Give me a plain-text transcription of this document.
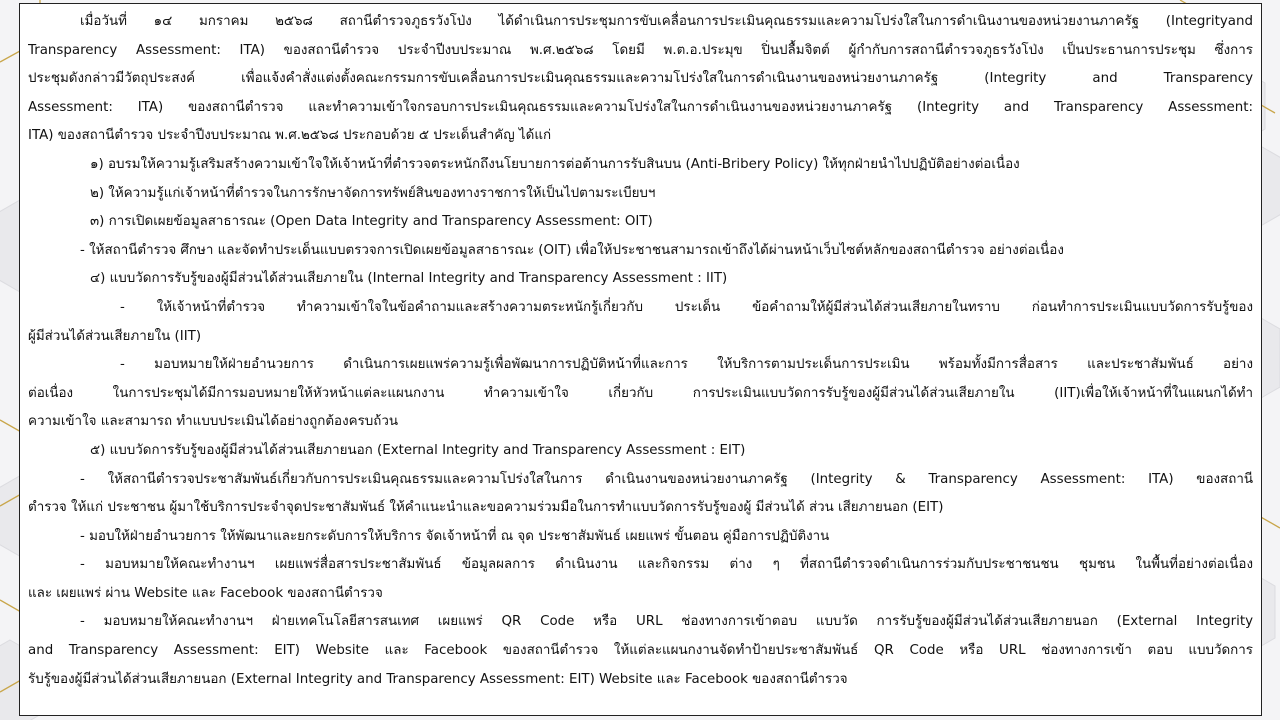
เมื่อวันที่ ๑๔ มกราคม ๒๕๖๘ สถานีตำรวจภูธรวังโป่ง ได้ดำเนินการประชุมการขับเคลื่อนการประเมินคุณธรรมและความโปร่งใสในการดำเนินงานของหน่วยงานภาครัฐ (Integrityand
Transparency Assessment: ITA) ของสถานีตำรวจ ประจำปีงบประมาณ พ.ศ.๒๕๖๘ โดยมี พ.ต.อ.ประมุข ปิ่นปลื้มจิตต์ ผู้กำกับการสถานีตำรวจภูธรวังโป่ง เป็นประธานการประชุม ซึ่งการ
ประชุมดังกล่าวมีวัตถุประสงค์ เพื่อแจ้งคำสั่งแต่งตั้งคณะกรรมการขับเคลื่อนการประเมินคุณธรรมและความโปร่งใสในการดำเนินงานของหน่วยงานภาครัฐ (Integrity and Transparency
Assessment: ITA) ของสถานีตำรวจ และทำความเข้าใจกรอบการประเมินคุณธรรมและความโปร่งใสในการดำเนินงานของหน่วยงานภาครัฐ (Integrity and Transparency Assessment:
ITA) ของสถานีตำรวจ ประจำปีงบประมาณ พ.ศ.๒๕๖๘ ประกอบด้วย ๕ ประเด็นสำคัญ ได้แก่
๑) อบรมให้ความรู้เสริมสร้างความเข้าใจให้เจ้าหน้าที่ตำรวจตระหนักถึงนโยบายการต่อต้านการรับสินบน (Anti-Bribery Policy) ให้ทุกฝ่ายนำไปปฏิบัติอย่างต่อเนื่อง
๒) ให้ความรู้แก่เจ้าหน้าที่ตำรวจในการรักษาจัดการทรัพย์สินของทางราชการให้เป็นไปตามระเบียบฯ
๓) การเปิดเผยข้อมูลสาธารณะ (Open Data Integrity and Transparency Assessment: OIT)
- ให้สถานีตำรวจ ศึกษา และจัดทำประเด็นแบบตรวจการเปิดเผยข้อมูลสาธารณะ (OIT) เพื่อให้ประชาชนสามารถเข้าถึงได้ผ่านหน้าเว็บไซต์หลักของสถานีตำรวจ อย่างต่อเนื่อง
๔) แบบวัดการรับรู้ของผู้มีส่วนได้ส่วนเสียภายใน (Internal Integrity and Transparency Assessment : IIT)
- ให้เจ้าหน้าที่ตำรวจ ทำความเข้าใจในข้อคำถามและสร้างความตระหนักรู้เกี่ยวกับ ประเด็น ข้อคำถามให้ผู้มีส่วนได้ส่วนเสียภายในทราบ ก่อนทำการประเมินแบบวัดการรับรู้ของ
ผู้มีส่วนได้ส่วนเสียภายใน (IIT)
- มอบหมายให้ฝ่ายอำนวยการ ดำเนินการเผยแพร่ความรู้เพื่อพัฒนาการปฏิบัติหน้าที่และการ ให้บริการตามประเด็นการประเมิน พร้อมทั้งมีการสื่อสาร และประชาสัมพันธ์ อย่าง
ต่อเนื่อง ในการประชุมได้มีการมอบหมายให้หัวหน้าแต่ละแผนกงาน ทำความเข้าใจ เกี่ยวกับ การประเมินแบบวัดการรับรู้ของผู้มีส่วนได้ส่วนเสียภายใน (IIT)เพื่อให้เจ้าหน้าที่ในแผนกได้ทำ
ความเข้าใจ และสามารถ ทำแบบประเมินได้อย่างถูกต้องครบถ้วน
๕) แบบวัดการรับรู้ของผู้มีส่วนได้ส่วนเสียภายนอก (External Integrity and Transparency Assessment : EIT)
- ให้สถานีตำรวจประชาสัมพันธ์เกี่ยวกับการประเมินคุณธรรมและความโปร่งใสในการ ดำเนินงานของหน่วยงานภาครัฐ (Integrity & Transparency Assessment: ITA) ของสถานี
ตำรวจ ให้แก่ ประชาชน ผู้มาใช้บริการประจำจุดประชาสัมพันธ์ ให้คำแนะนำและขอความร่วมมือในการทำแบบวัดการรับรู้ของผู้ มีส่วนได้ ส่วน เสียภายนอก (EIT)
- มอบให้ฝ่ายอำนวยการ ให้พัฒนาและยกระดับการให้บริการ จัดเจ้าหน้าที่ ณ จุด ประชาสัมพันธ์ เผยแพร่ ขั้นตอน คู่มือการปฏิบัติงาน
- มอบหมายให้คณะทำงานฯ เผยแพร่สื่อสารประชาสัมพันธ์ ข้อมูลผลการ ดำเนินงาน และกิจกรรม ต่าง ๆ ที่สถานีตำรวจดำเนินการร่วมกับประชาชนชน ชุมชน ในพื้นที่อย่างต่อเนื่อง
และ เผยแพร่ ผ่าน Website และ Facebook ของสถานีตำรวจ
- มอบหมายให้คณะทำงานฯ ฝ่ายเทคโนโลยีสารสนเทศ เผยแพร่ QR Code หรือ URL ช่องทางการเข้าตอบ แบบวัด การรับรู้ของผู้มีส่วนได้ส่วนเสียภายนอก (External Integrity
and Transparency Assessment: EIT) Website และ Facebook ของสถานีตำรวจ ให้แต่ละแผนกงานจัดทำป้ายประชาสัมพันธ์ QR Code หรือ URL ช่องทางการเข้า ตอบ แบบวัดการ
รับรู้ของผู้มีส่วนได้ส่วนเสียภายนอก (External Integrity and Transparency Assessment: EIT) Website และ Facebook ของสถานีตำรวจ
